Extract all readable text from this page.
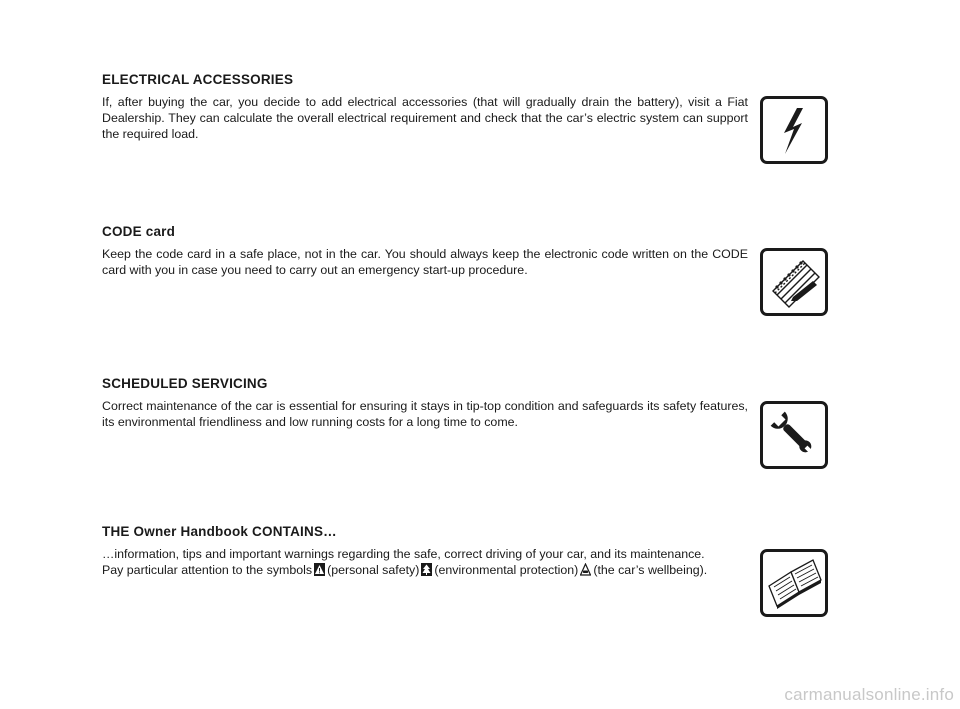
ELECTRICAL ACCESSORIES

If, after buying the car, you decide to add electrical accessories (that will gradually drain the battery), visit a Fiat Dealership. They can calculate the overall electrical requirement and check that the car’s electric system can support the required load.

CODE card

Keep the code card in a safe place, not in the car. You should always keep the electronic code written on the CODE card with you in case you need to carry out an emergency start-up procedure.

SCHEDULED SERVICING

Correct maintenance of the car is essential for ensuring it stays in tip-top condition and safeguards its safety features, its environmental friendliness and low running costs for a long time to come.

THE Owner Handbook CONTAINS…

…information, tips and important warnings regarding the safe, correct driving of your car, and its maintenance.

Pay particular attention to the symbols (personal safety) (environmental protection) (the car’s wellbeing).

carmanualsonline.info
